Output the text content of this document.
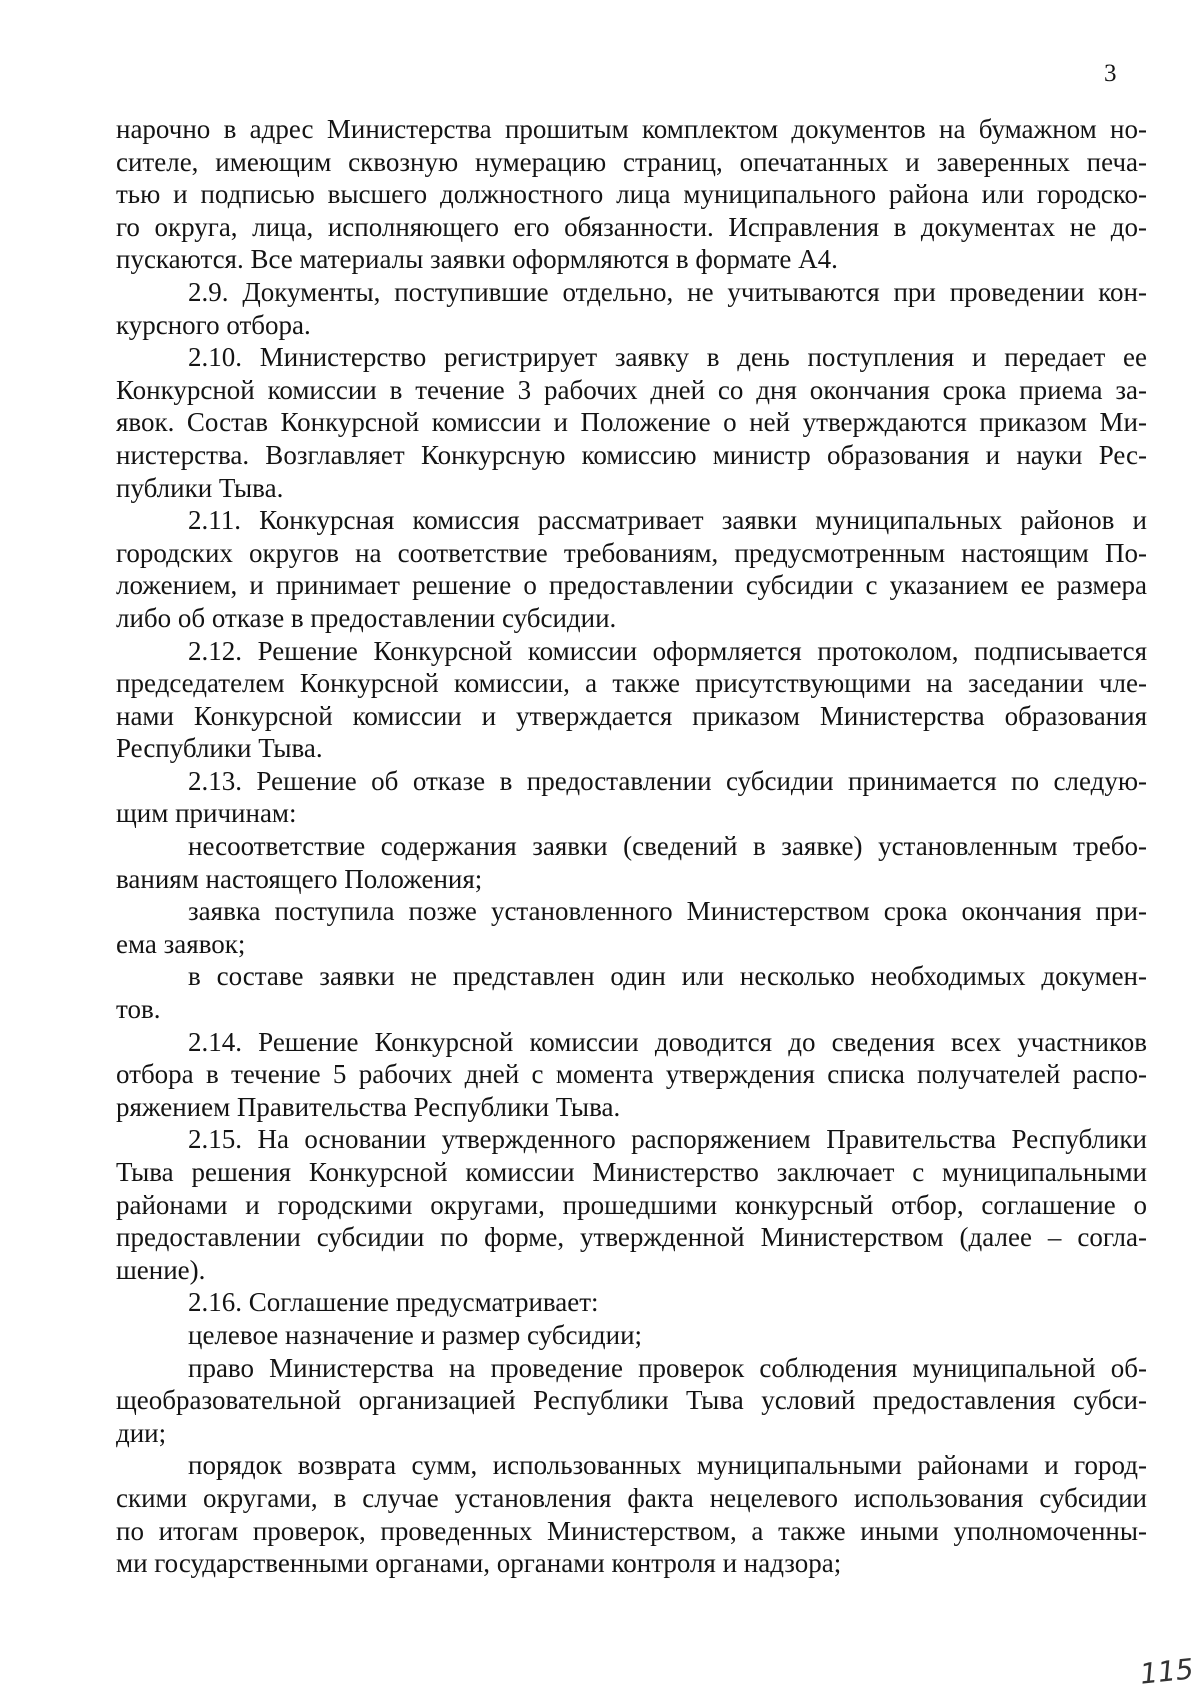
3
нарочно в адрес Министерства прошитым комплектом документов на бумажном но-
сителе, имеющим сквозную нумерацию страниц, опечатанных и заверенных печа-
тью и подписью высшего должностного лица муниципального района или городско-
го округа, лица, исполняющего его обязанности. Исправления в документах не до-
пускаются. Все материалы заявки оформляются в формате А4.
2.9. Документы, поступившие отдельно, не учитываются при проведении кон-
курсного отбора.
2.10. Министерство регистрирует заявку в день поступления и передает ее
Конкурсной комиссии в течение 3 рабочих дней со дня окончания срока приема за-
явок. Состав Конкурсной комиссии и Положение о ней утверждаются приказом Ми-
нистерства. Возглавляет Конкурсную комиссию министр образования и науки Рес-
публики Тыва.
2.11. Конкурсная комиссия рассматривает заявки муниципальных районов и
городских округов на соответствие требованиям, предусмотренным настоящим По-
ложением, и принимает решение о предоставлении субсидии с указанием ее размера
либо об отказе в предоставлении субсидии.
2.12. Решение Конкурсной комиссии оформляется протоколом, подписывается
председателем Конкурсной комиссии, а также присутствующими на заседании чле-
нами Конкурсной комиссии и утверждается приказом Министерства образования
Республики Тыва.
2.13. Решение об отказе в предоставлении субсидии принимается по следую-
щим причинам:
несоответствие содержания заявки (сведений в заявке) установленным требо-
ваниям настоящего Положения;
заявка поступила позже установленного Министерством срока окончания при-
ема заявок;
в составе заявки не представлен один или несколько необходимых докумен-
тов.
2.14. Решение Конкурсной комиссии доводится до сведения всех участников
отбора в течение 5 рабочих дней с момента утверждения списка получателей распо-
ряжением Правительства Республики Тыва.
2.15. На основании утвержденного распоряжением Правительства Республики
Тыва решения Конкурсной комиссии Министерство заключает с муниципальными
районами и городскими округами, прошедшими конкурсный отбор, соглашение о
предоставлении субсидии по форме, утвержденной Министерством (далее – согла-
шение).
2.16. Соглашение предусматривает:
целевое назначение и размер субсидии;
право Министерства на проведение проверок соблюдения муниципальной об-
щеобразовательной организацией Республики Тыва условий предоставления субси-
дии;
порядок возврата сумм, использованных муниципальными районами и город-
скими округами, в случае установления факта нецелевого использования субсидии
по итогам проверок, проведенных Министерством, а также иными уполномоченны-
ми государственными органами, органами контроля и надзора;
115
